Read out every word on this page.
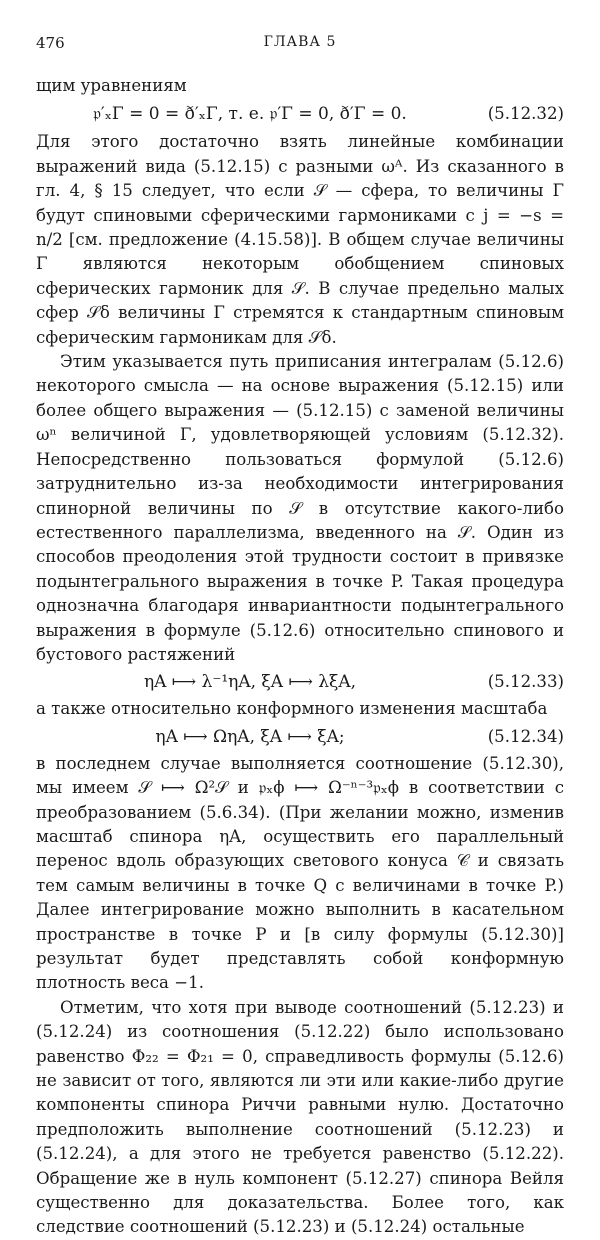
476	ГЛАВА 5

щим уравнениям

𝔭′ₓΓ = 0 = ð′ₓΓ, т. е. 𝔭′Γ = 0, ð′Γ = 0.	(5.12.32)

Для этого достаточно взять линейные комбинации выражений вида (5.12.15) с разными ωᴬ. Из сказанного в гл. 4, § 15 следует, что если 𝒮 — сфера, то величины Γ будут спиновыми сферическими гармониками с j = −s = n/2 [см. предложение (4.15.58)]. В общем случае величины Γ являются некоторым обобщением спиновых сферических гармоник для 𝒮. В случае предельно малых сфер 𝒮δ величины Γ стремятся к стандартным спиновым сферическим гармоникам для 𝒮δ.

Этим указывается путь приписания интегралам (5.12.6) некоторого смысла — на основе выражения (5.12.15) или более общего выражения — (5.12.15) с заменой величины ωⁿ величиной Γ, удовлетворяющей условиям (5.12.32). Непосредственно пользоваться формулой (5.12.6) затруднительно из-за необходимости интегрирования спинорной величины по 𝒮 в отсутствие какого-либо естественного параллелизма, введенного на 𝒮. Один из способов преодоления этой трудности состоит в привязке подынтегрального выражения в точке P. Такая процедура однозначна благодаря инвариантности подынтегрального выражения в формуле (5.12.6) относительно спинового и бустового растяжений

ηA ⟼ λ⁻¹ηA, ξA ⟼ λξA,	(5.12.33)

а также относительно конформного изменения масштаба

ηA ⟼ ΩηA, ξA ⟼ ξA;	(5.12.34)

в последнем случае выполняется соотношение (5.12.30), мы имеем 𝒮 ⟼ Ω²𝒮 и 𝔭ₓϕ ⟼ Ω⁻ⁿ⁻³𝔭ₓϕ в соответствии с преобразованием (5.6.34). (При желании можно, изменив масштаб спинора ηA, осуществить его параллельный перенос вдоль образующих светового конуса 𝒞 и связать тем самым величины в точке Q с величинами в точке P.) Далее интегрирование можно выполнить в касательном пространстве в точке P и [в силу формулы (5.12.30)] результат будет представлять собой конформную плотность веса −1.

Отметим, что хотя при выводе соотношений (5.12.23) и (5.12.24) из соотношения (5.12.22) было использовано равенство Φ₂₂ = Φ₂₁ = 0, справедливость формулы (5.12.6) не зависит от того, являются ли эти или какие-либо другие компоненты спинора Риччи равными нулю. Достаточно предположить выполнение соотношений (5.12.23) и (5.12.24), а для этого не требуется равенство (5.12.22). Обращение же в нуль компонент (5.12.27) спинора Вейля существенно для доказательства. Более того, как следствие соотношений (5.12.23) и (5.12.24) остальные
